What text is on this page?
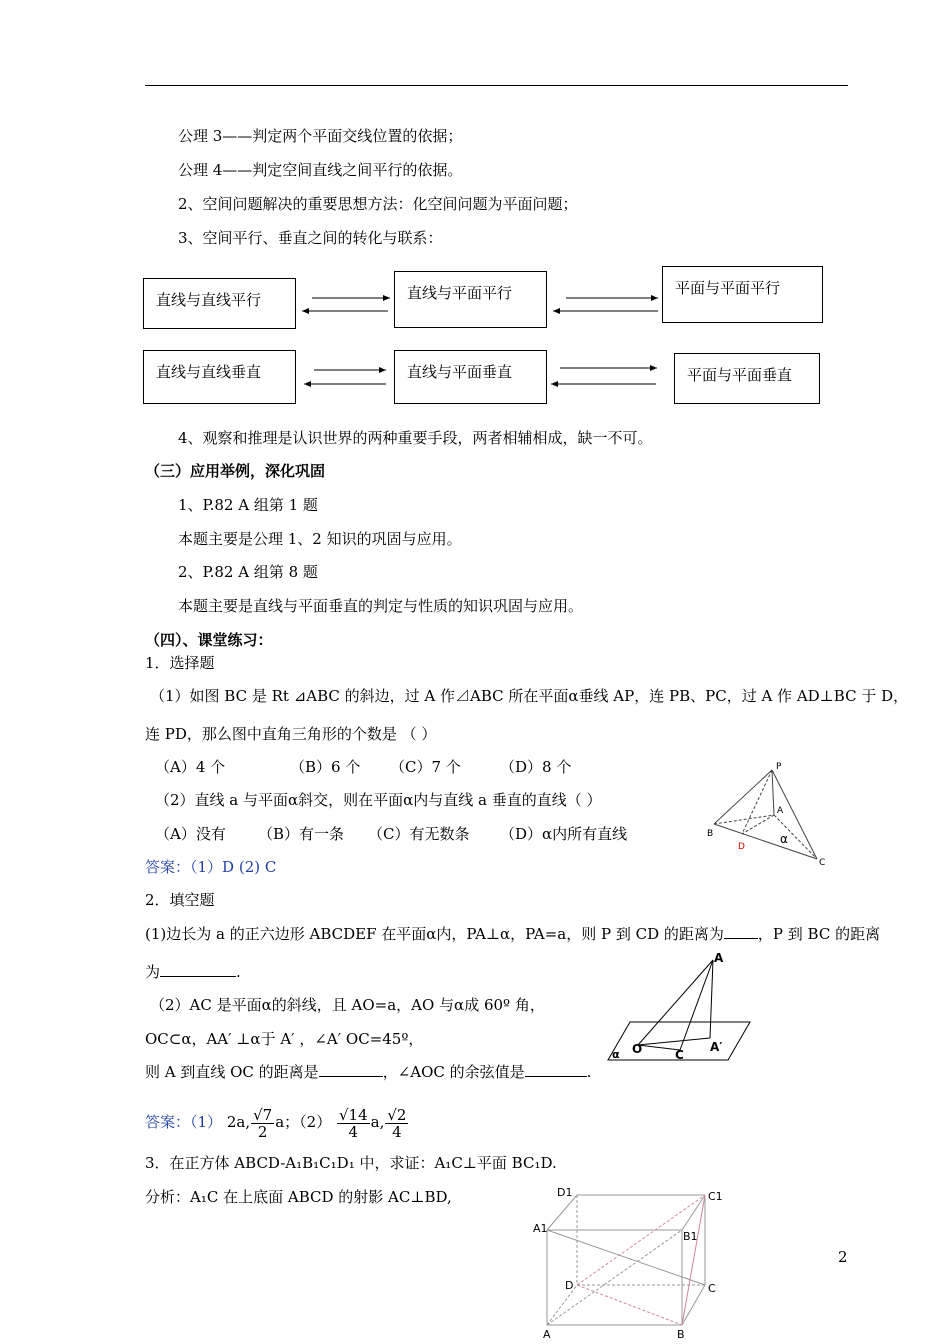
公理 3——判定两个平面交线位置的依据；
公理 4——判定空间直线之间平行的依据。
2、空间问题解决的重要思想方法：化空间问题为平面问题；
3、空间平行、垂直之间的转化与联系：
直线与直线平行	直线与平面平行	平面与平面平行
直线与直线垂直	直线与平面垂直	平面与平面垂直
4、观察和推理是认识世界的两种重要手段，两者相辅相成，缺一不可。
（三）应用举例，深化巩固
1、P.82 A 组第 1 题
本题主要是公理 1、2 知识的巩固与应用。
2、P.82 A 组第 8 题
本题主要是直线与平面垂直的判定与性质的知识巩固与应用。
（四）、课堂练习：
1．选择题
（1）如图 BC 是 Rt ⊿ABC 的斜边，过 A 作⊿ABC 所在平面α垂线 AP，连 PB、PC，过 A 作 AD⊥BC 于 D，
连 PD，那么图中直角三角形的个数是 （ ）
（A）4 个	（B）6 个 （C）7 个	（D）8 个
（2）直线 a 与平面α斜交，则在平面α内与直线 a 垂直的直线（ ）
（A）没有 （B）有一条 （C）有无数条 （D）α内所有直线
答案：（1）D (2) C
P
A
B
D
C
α
2．填空题
(1)边长为 a 的正六边形 ABCDEF 在平面α内，PA⊥α，PA=a，则 P 到 CD 的距离为 ，P 到 BC 的距离
为	.
（2）AC 是平面α的斜线，且 AO=a，AO 与α成 60º 角，
OC⊂α，AA′ ⊥α于 A′ ，∠A′ OC=45º，
则 A 到直线 OC 的距离是	，∠AOC 的余弦值是	.
A
O	A′
C
α
答案：（1） 2a, $\frac{√7}{2}$ a；$(2) \frac{√14}{4} a$, $\frac{√2}{4}$
3．在正方体 ABCD-A₁B₁C₁D₁ 中，求证：A₁C⊥平面 BC₁D.
分析：A₁C 在上底面 ABCD 的射影 AC⊥BD,	D1	C1
A1
B1
D	C
A	B
2
